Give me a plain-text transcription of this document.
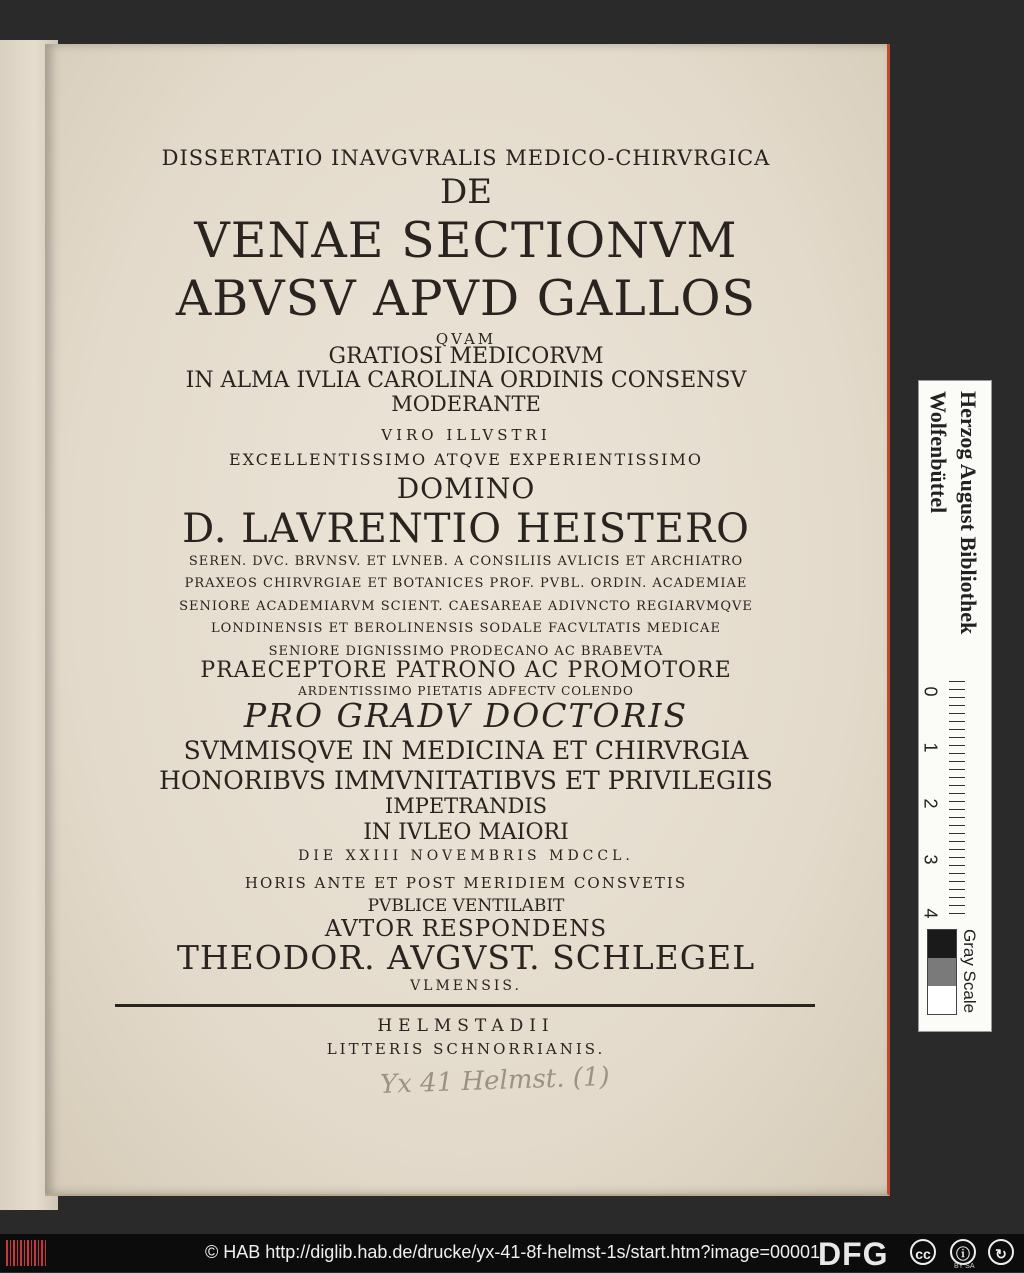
DISSERTATIO INAVGVRALIS MEDICO-CHIRVRGICA
DE
VENAE SECTIONVM
ABVSV APVD GALLOS
QVAM
GRATIOSI MEDICORVM
IN ALMA IVLIA CAROLINA ORDINIS CONSENSV
MODERANTE
VIRO ILLVSTRI
EXCELLENTISSIMO ATQVE EXPERIENTISSIMO
DOMINO
D. LAVRENTIO HEISTERO
SEREN. DVC. BRVNSV. ET LVNEB. A CONSILIIS AVLICIS ET ARCHIATRO
PRAXEOS CHIRVRGIAE ET BOTANICES PROF. PVBL. ORDIN. ACADEMIAE
SENIORE ACADEMIARVM SCIENT. CAESAREAE ADIVNCTO REGIARVMQVE
LONDINENSIS ET BEROLINENSIS SODALE FACVLTATIS MEDICAE
SENIORE DIGNISSIMO PRODECANO AC BRABEVTA
PRAECEPTORE PATRONO AC PROMOTORE
ARDENTISSIMO PIETATIS ADFECTV COLENDO
PRO GRADV DOCTORIS
SVMMISQVE IN MEDICINA ET CHIRVRGIA
HONORIBVS IMMVNITATIBVS ET PRIVILEGIIS
IMPETRANDIS
IN IVLEO MAIORI
DIE XXIII NOVEMBRIS MDCCL.
HORIS ANTE ET POST MERIDIEM CONSVETIS
PVBLICE VENTILABIT
AVTOR RESPONDENS
THEODOR. AVGVST. SCHLEGEL
VLMENSIS.
HELMSTADII
LITTERIS SCHNORRIANIS.
Yx 41 Helmst. (1)
Herzog August Bibliothek
Wolfenbüttel
0
1
2
3
4
Gray Scale
© HAB http://diglib.hab.de/drucke/yx-41-8f-helmst-1s/start.htm?image=00001
DFG	cc	ⓘ	↻
BY SA
